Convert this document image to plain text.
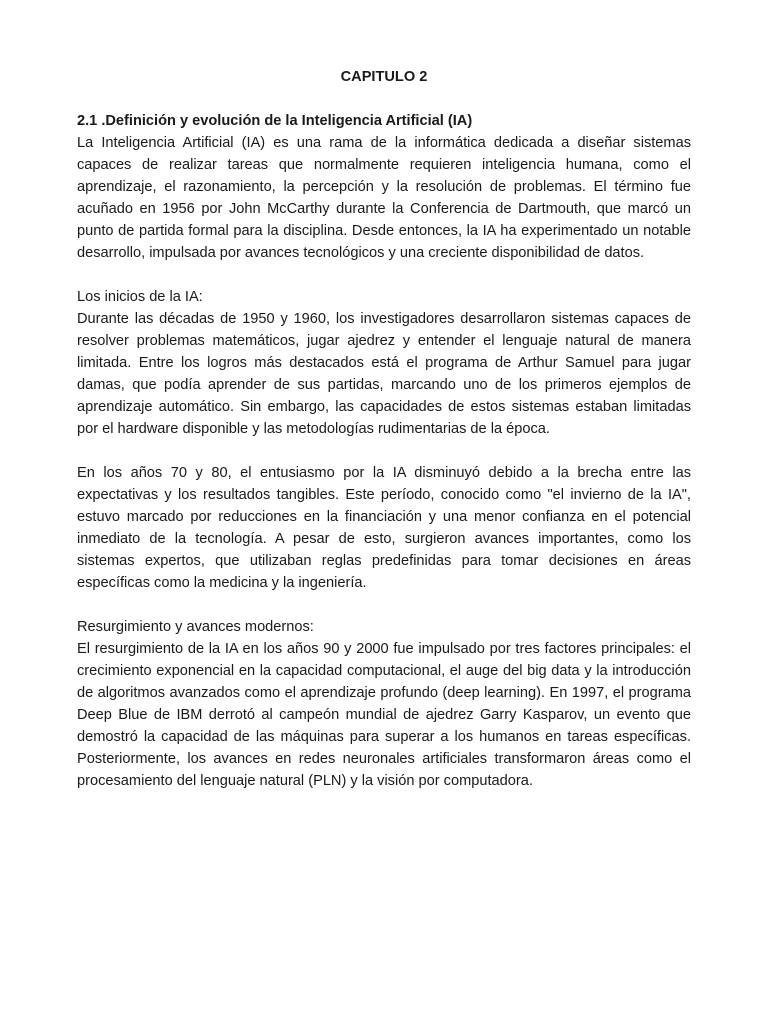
CAPITULO 2

2.1 .Definición y evolución de la Inteligencia Artificial (IA)

La Inteligencia Artificial (IA) es una rama de la informática dedicada a diseñar sistemas capaces de realizar tareas que normalmente requieren inteligencia humana, como el aprendizaje, el razonamiento, la percepción y la resolución de problemas. El término fue acuñado en 1956 por John McCarthy durante la Conferencia de Dartmouth, que marcó un punto de partida formal para la disciplina. Desde entonces, la IA ha experimentado un notable desarrollo, impulsada por avances tecnológicos y una creciente disponibilidad de datos.

Los inicios de la IA:

Durante las décadas de 1950 y 1960, los investigadores desarrollaron sistemas capaces de resolver problemas matemáticos, jugar ajedrez y entender el lenguaje natural de manera limitada. Entre los logros más destacados está el programa de Arthur Samuel para jugar damas, que podía aprender de sus partidas, marcando uno de los primeros ejemplos de aprendizaje automático. Sin embargo, las capacidades de estos sistemas estaban limitadas por el hardware disponible y las metodologías rudimentarias de la época.

En los años 70 y 80, el entusiasmo por la IA disminuyó debido a la brecha entre las expectativas y los resultados tangibles. Este período, conocido como "el invierno de la IA", estuvo marcado por reducciones en la financiación y una menor confianza en el potencial inmediato de la tecnología. A pesar de esto, surgieron avances importantes, como los sistemas expertos, que utilizaban reglas predefinidas para tomar decisiones en áreas específicas como la medicina y la ingeniería.

Resurgimiento y avances modernos:

El resurgimiento de la IA en los años 90 y 2000 fue impulsado por tres factores principales: el crecimiento exponencial en la capacidad computacional, el auge del big data y la introducción de algoritmos avanzados como el aprendizaje profundo (deep learning). En 1997, el programa Deep Blue de IBM derrotó al campeón mundial de ajedrez Garry Kasparov, un evento que demostró la capacidad de las máquinas para superar a los humanos en tareas específicas. Posteriormente, los avances en redes neuronales artificiales transformaron áreas como el procesamiento del lenguaje natural (PLN) y la visión por computadora.
